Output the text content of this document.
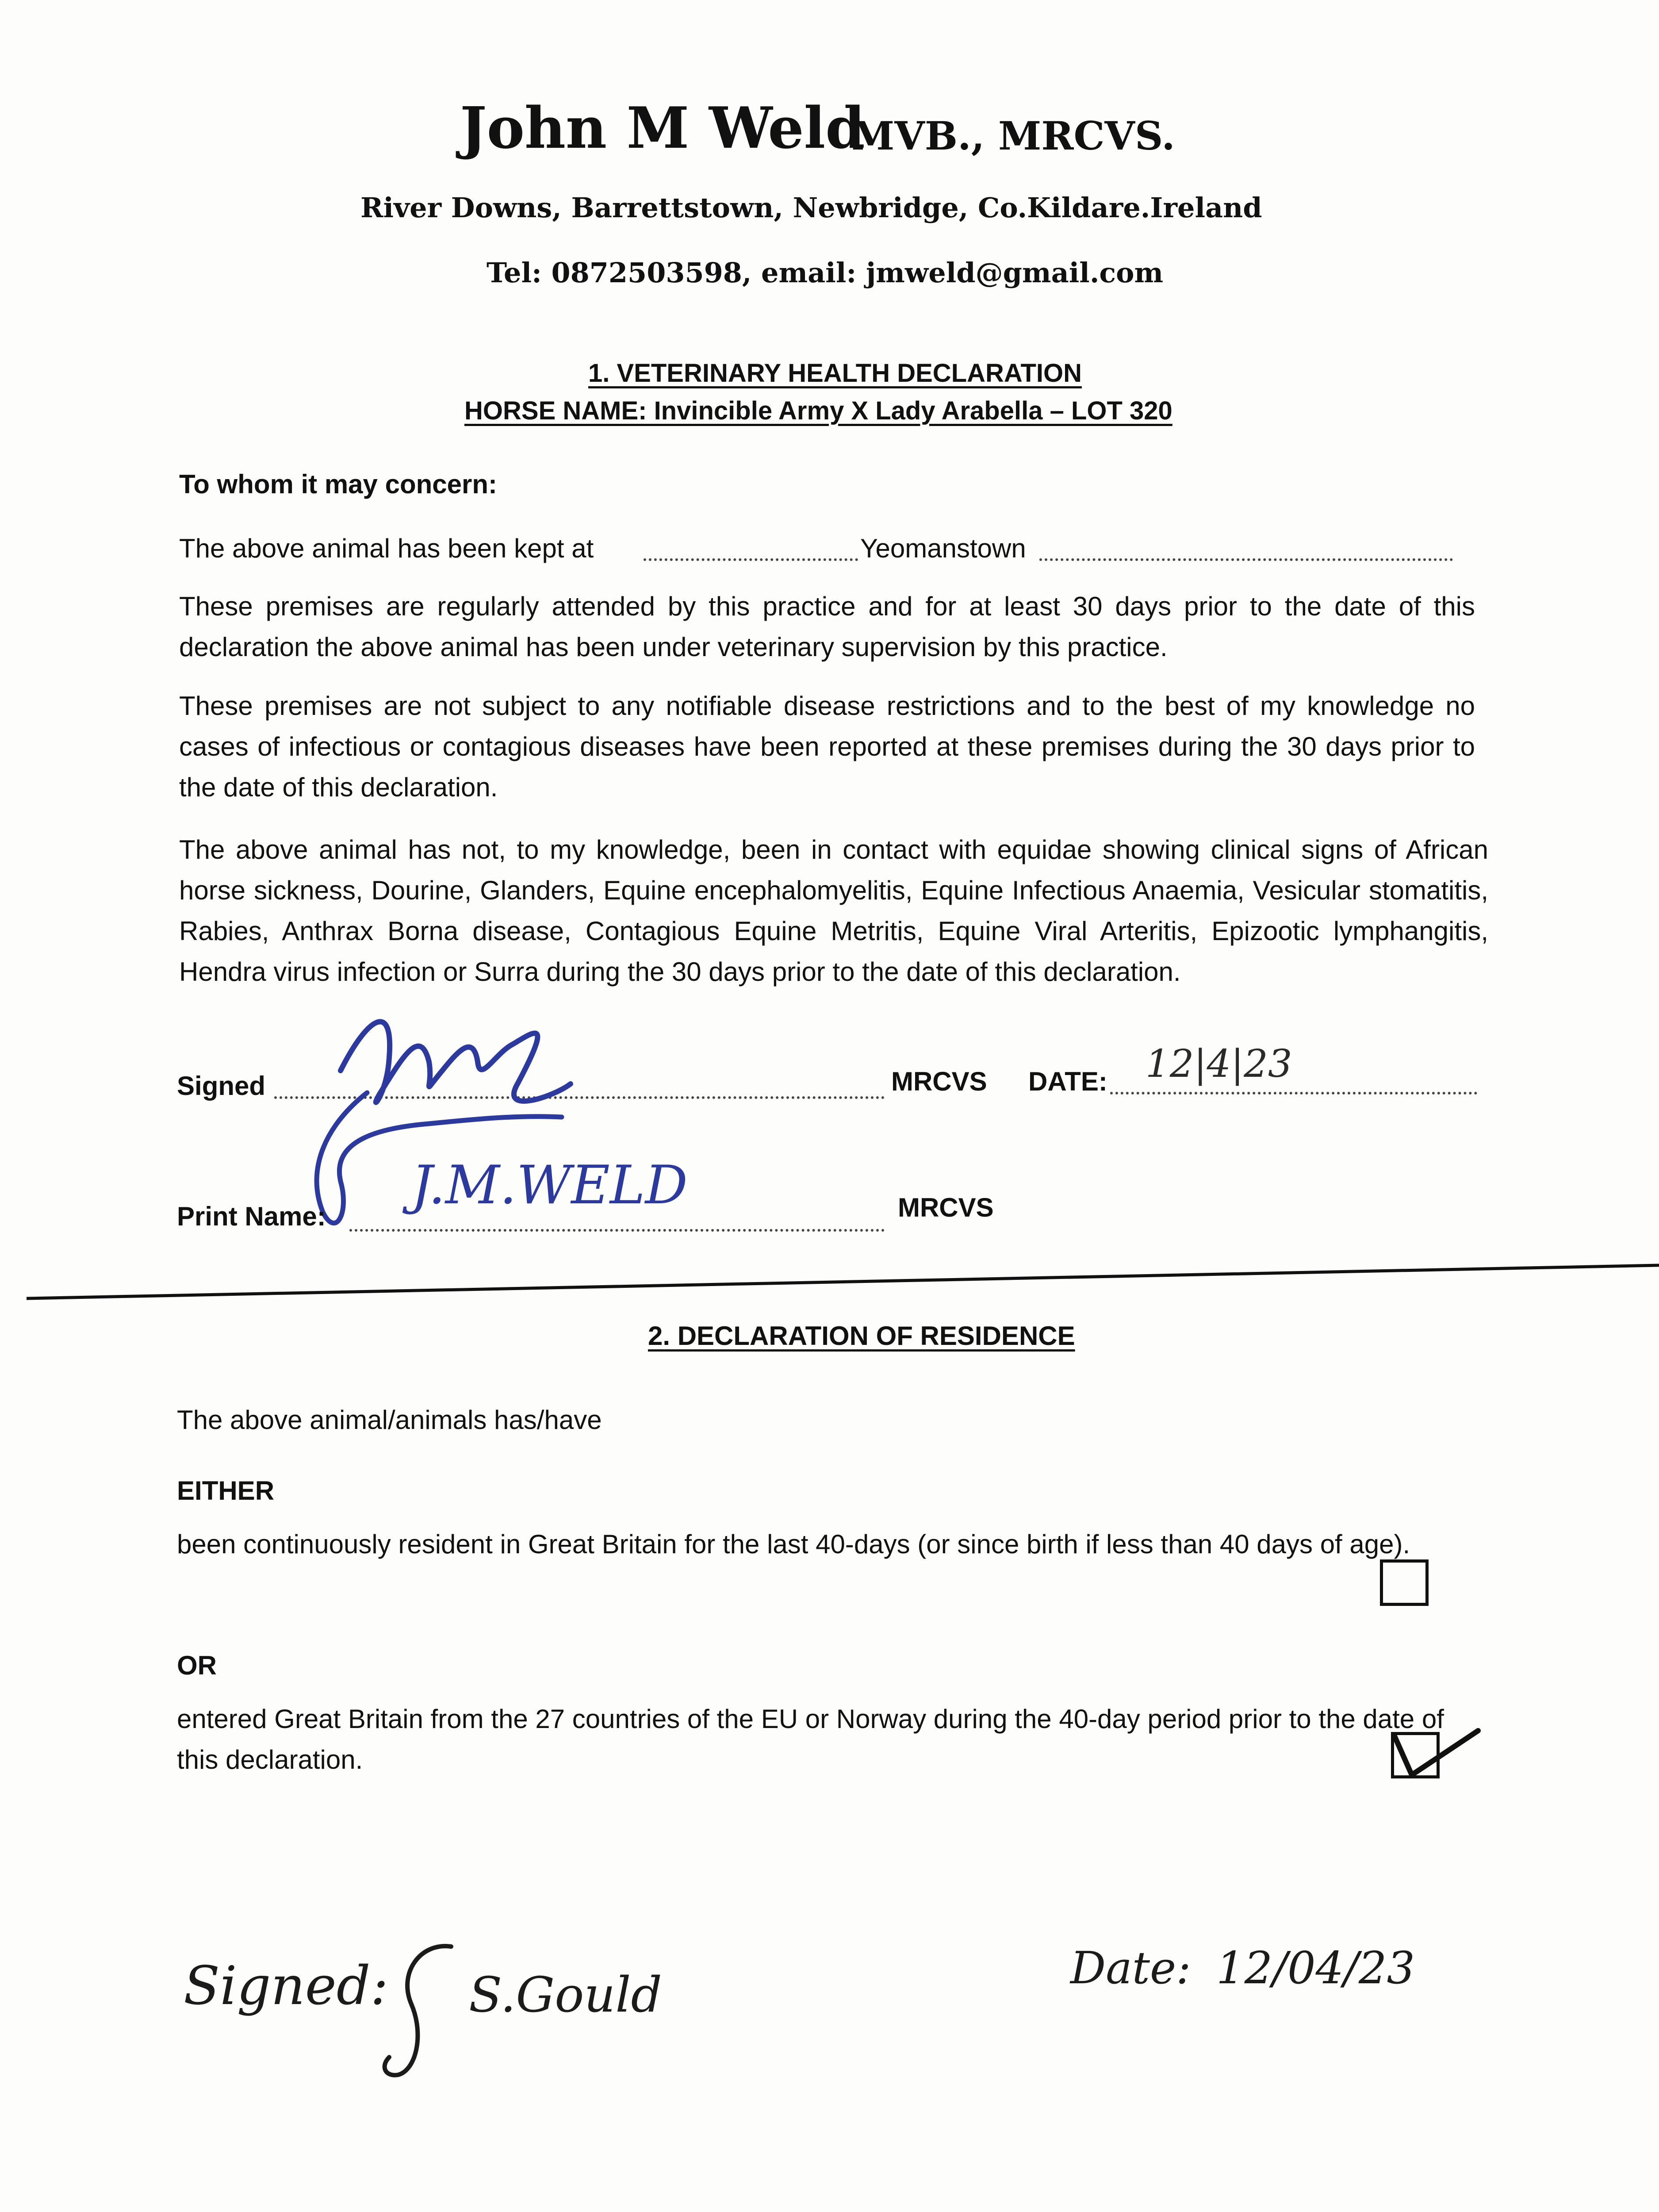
John M Weld
MVB., MRCVS.
River Downs, Barrettstown, Newbridge, Co.Kildare.Ireland
Tel: 0872503598, email: jmweld@gmail.com
1. VETERINARY HEALTH DECLARATION
HORSE NAME: Invincible Army X Lady Arabella – LOT 320
To whom it may concern:
The above animal has been kept at	Yeomanstown
These premises are regularly attended by this practice and for at least 30 days prior to the date of this declaration the above animal has been under veterinary supervision by this practice.
These premises are not subject to any notifiable disease restrictions and to the best of my knowledge no cases of infectious or contagious diseases have been reported at these premises during the 30 days prior to the date of this declaration.
The above animal has not, to my knowledge, been in contact with equidae showing clinical signs of African horse sickness, Dourine, Glanders, Equine encephalomyelitis, Equine Infectious Anaemia, Vesicular stomatitis, Rabies, Anthrax Borna disease, Contagious Equine Metritis, Equine Viral Arteritis, Epizootic lymphangitis, Hendra virus infection or Surra during the 30 days prior to the date of this declaration.
Signed	MRCVS DATE: 12|4|23
Print Name:
J.M.WELD	MRCVS
2. DECLARATION OF RESIDENCE
The above animal/animals has/have
EITHER
been continuously resident in Great Britain for the last 40-days (or since birth if less than 40 days of age).
OR
entered Great Britain from the 27 countries of the EU or Norway during the 40-day period prior to the date of this declaration.
Signed: S.Gould	Date: 12/04/23
